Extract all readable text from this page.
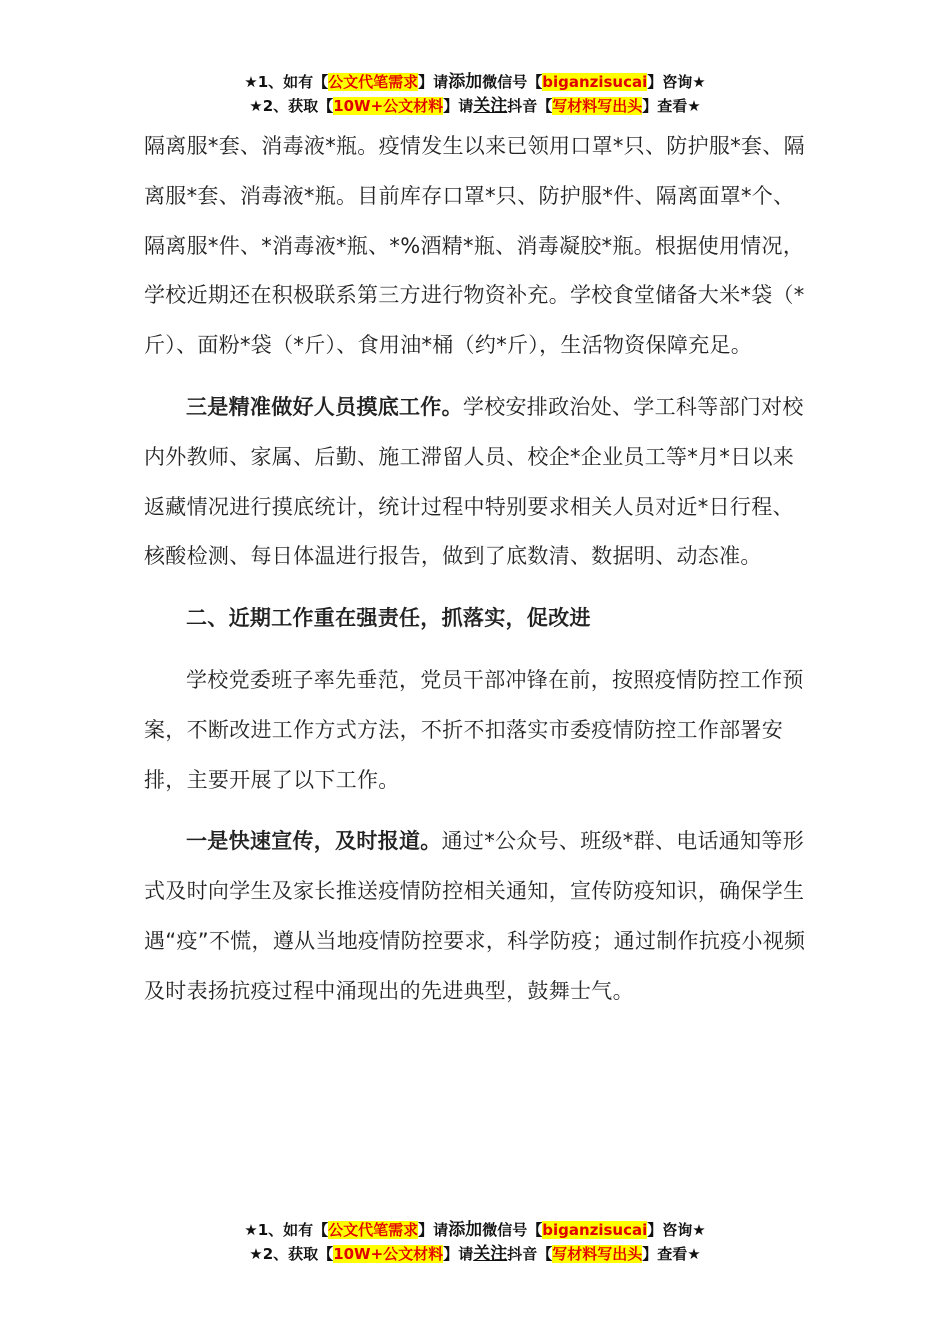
★1、如有【公文代笔需求】请添加微信号【biganzisucai】咨询★
★2、获取【10W+公文材料】请关注抖音【写材料写出头】查看★

隔离服*套、消毒液*瓶。疫情发生以来已领用口罩*只、防护服*套、隔离服*套、消毒液*瓶。目前库存口罩*只、防护服*件、隔离面罩*个、隔离服*件、*消毒液*瓶、*%酒精*瓶、消毒凝胶*瓶。根据使用情况，学校近期还在积极联系第三方进行物资补充。学校食堂储备大米*袋（*斤）、面粉*袋（*斤）、食用油*桶（约*斤），生活物资保障充足。

三是精准做好人员摸底工作。学校安排政治处、学工科等部门对校内外教师、家属、后勤、施工滞留人员、校企*企业员工等*月*日以来返藏情况进行摸底统计，统计过程中特别要求相关人员对近*日行程、核酸检测、每日体温进行报告，做到了底数清、数据明、动态准。

二、近期工作重在强责任，抓落实，促改进

学校党委班子率先垂范，党员干部冲锋在前，按照疫情防控工作预案，不断改进工作方式方法，不折不扣落实市委疫情防控工作部署安排，主要开展了以下工作。

一是快速宣传，及时报道。通过*公众号、班级*群、电话通知等形式及时向学生及家长推送疫情防控相关通知，宣传防疫知识，确保学生遇“疫”不慌，遵从当地疫情防控要求，科学防疫；通过制作抗疫小视频及时表扬抗疫过程中涌现出的先进典型，鼓舞士气。

★1、如有【公文代笔需求】请添加微信号【biganzisucai】咨询★
★2、获取【10W+公文材料】请关注抖音【写材料写出头】查看★
